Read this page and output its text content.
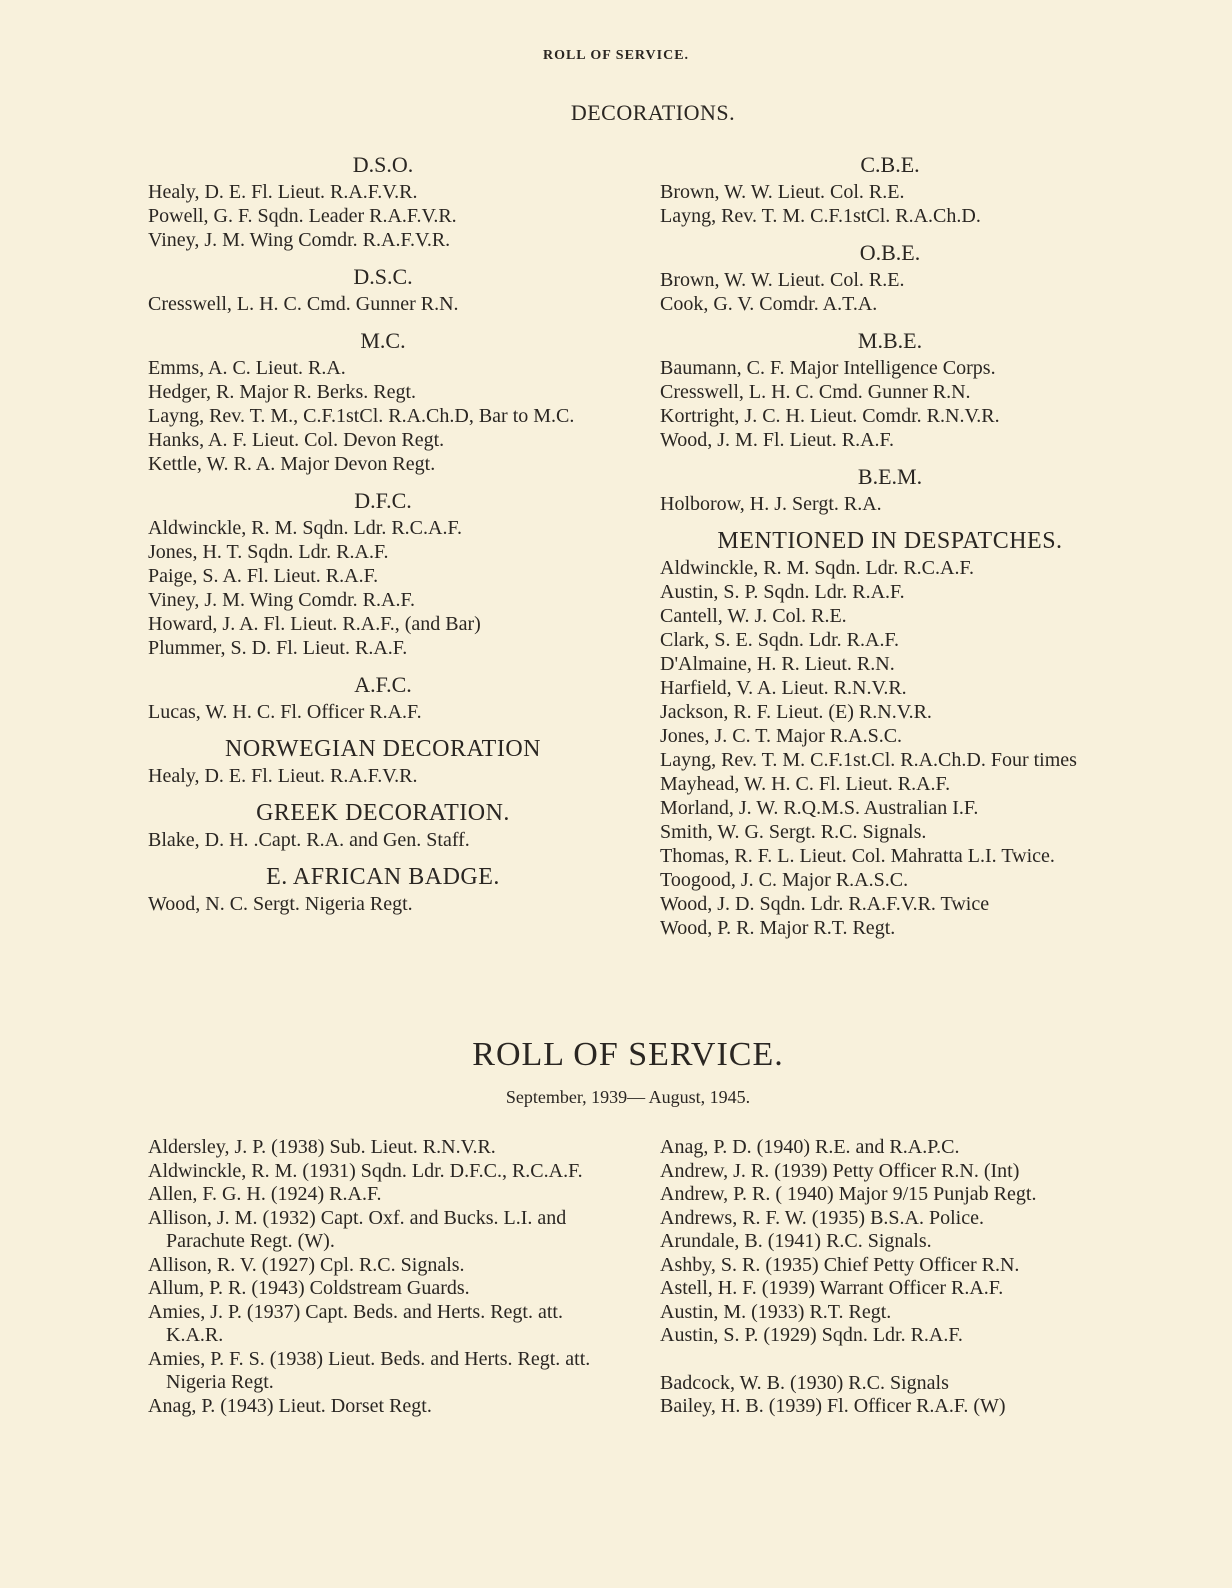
ROLL OF SERVICE.
DECORATIONS.
D.S.O.
Healy, D. E. Fl. Lieut. R.A.F.V.R.
Powell, G. F. Sqdn. Leader R.A.F.V.R.
Viney, J. M. Wing Comdr. R.A.F.V.R.
D.S.C.
Cresswell, L. H. C. Cmd. Gunner R.N.
M.C.
Emms, A. C. Lieut. R.A.
Hedger, R. Major R. Berks. Regt.
Layng, Rev. T. M., C.F.1stCl. R.A.Ch.D, Bar to M.C.
Hanks, A. F. Lieut. Col. Devon Regt.
Kettle, W. R. A. Major Devon Regt.
D.F.C.
Aldwinckle, R. M. Sqdn. Ldr. R.C.A.F.
Jones, H. T. Sqdn. Ldr. R.A.F.
Paige, S. A. Fl. Lieut. R.A.F.
Viney, J. M. Wing Comdr. R.A.F.
Howard, J. A. Fl. Lieut. R.A.F., (and Bar)
Plummer, S. D. Fl. Lieut. R.A.F.
A.F.C.
Lucas, W. H. C. Fl. Officer R.A.F.
NORWEGIAN DECORATION
Healy, D. E. Fl. Lieut. R.A.F.V.R.
GREEK DECORATION.
Blake, D. H. .Capt. R.A. and Gen. Staff.
E. AFRICAN BADGE.
Wood, N. C. Sergt. Nigeria Regt.
C.B.E.
Brown, W. W. Lieut. Col. R.E.
Layng, Rev. T. M. C.F.1stCl. R.A.Ch.D.
O.B.E.
Brown, W. W. Lieut. Col. R.E.
Cook, G. V. Comdr. A.T.A.
M.B.E.
Baumann, C. F. Major Intelligence Corps.
Cresswell, L. H. C. Cmd. Gunner R.N.
Kortright, J. C. H. Lieut. Comdr. R.N.V.R.
Wood, J. M. Fl. Lieut. R.A.F.
B.E.M.
Holborow, H. J. Sergt. R.A.
MENTIONED IN DESPATCHES.
Aldwinckle, R. M. Sqdn. Ldr. R.C.A.F.
Austin, S. P. Sqdn. Ldr. R.A.F.
Cantell, W. J. Col. R.E.
Clark, S. E. Sqdn. Ldr. R.A.F.
D'Almaine, H. R. Lieut. R.N.
Harfield, V. A. Lieut. R.N.V.R.
Jackson, R. F. Lieut. (E) R.N.V.R.
Jones, J. C. T. Major R.A.S.C.
Layng, Rev. T. M. C.F.1st.Cl. R.A.Ch.D. Four times
Mayhead, W. H. C. Fl. Lieut. R.A.F.
Morland, J. W. R.Q.M.S. Australian I.F.
Smith, W. G. Sergt. R.C. Signals.
Thomas, R. F. L. Lieut. Col. Mahratta L.I. Twice.
Toogood, J. C. Major R.A.S.C.
Wood, J. D. Sqdn. Ldr. R.A.F.V.R. Twice
Wood, P. R. Major R.T. Regt.
ROLL OF SERVICE.
September, 1939— August, 1945.
Aldersley, J. P. (1938) Sub. Lieut. R.N.V.R.
Aldwinckle, R. M. (1931) Sqdn. Ldr. D.F.C., R.C.A.F.
Allen, F. G. H. (1924) R.A.F.
Allison, J. M. (1932) Capt. Oxf. and Bucks. L.I. and Parachute Regt. (W).
Allison, R. V. (1927) Cpl. R.C. Signals.
Allum, P. R. (1943) Coldstream Guards.
Amies, J. P. (1937) Capt. Beds. and Herts. Regt. att. K.A.R.
Amies, P. F. S. (1938) Lieut. Beds. and Herts. Regt. att. Nigeria Regt.
Anag, P. (1943) Lieut. Dorset Regt.
Anag, P. D. (1940) R.E. and R.A.P.C.
Andrew, J. R. (1939) Petty Officer R.N. (Int)
Andrew, P. R. ( 1940) Major 9/15 Punjab Regt.
Andrews, R. F. W. (1935) B.S.A. Police.
Arundale, B. (1941) R.C. Signals.
Ashby, S. R. (1935) Chief Petty Officer R.N.
Astell, H. F. (1939) Warrant Officer R.A.F.
Austin, M. (1933) R.T. Regt.
Austin, S. P. (1929) Sqdn. Ldr. R.A.F.
Badcock, W. B. (1930) R.C. Signals
Bailey, H. B. (1939) Fl. Officer R.A.F. (W)
